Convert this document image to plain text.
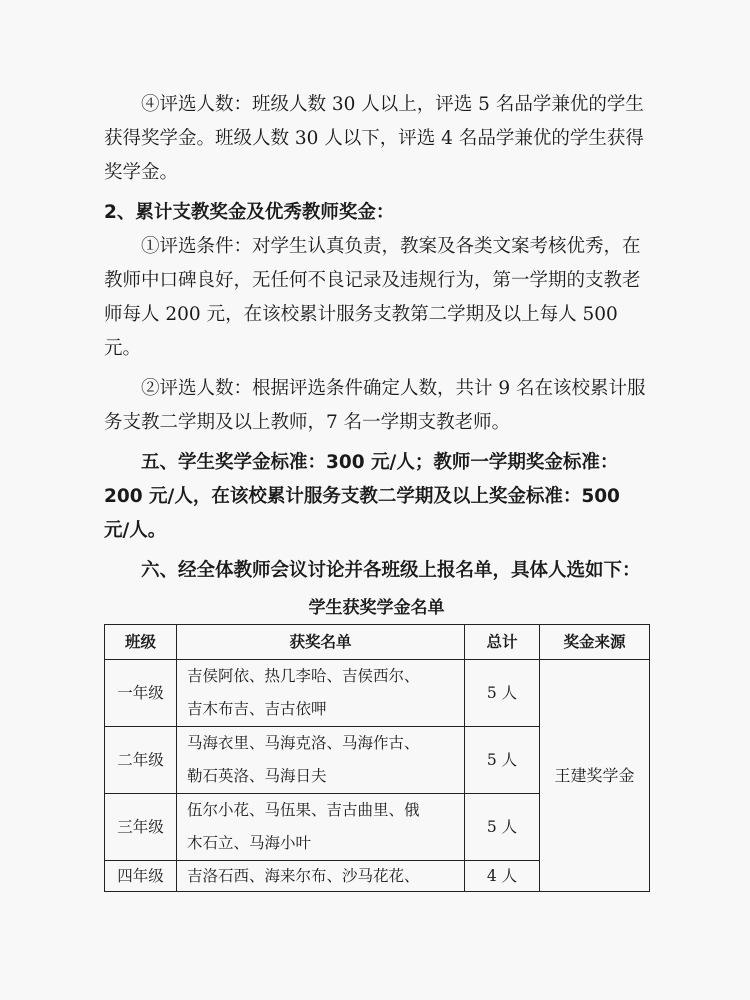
④评选人数：班级人数 30 人以上，评选 5 名品学兼优的学生获得奖学金。班级人数 30 人以下，评选 4 名品学兼优的学生获得奖学金。

2、累计支教奖金及优秀教师奖金：

①评选条件：对学生认真负责，教案及各类文案考核优秀，在教师中口碑良好，无任何不良记录及违规行为，第一学期的支教老师每人 200 元，在该校累计服务支教第二学期及以上每人 500 元。

②评选人数：根据评选条件确定人数，共计 9 名在该校累计服务支教二学期及以上教师，7 名一学期支教老师。

五、学生奖学金标准：300 元/人；教师一学期奖金标准：200 元/人，在该校累计服务支教二学期及以上奖金标准：500 元/人。

六、经全体教师会议讨论并各班级上报名单，具体人选如下：

学生获奖学金名单
班级	获奖名单	总计	奖金来源
一年级	吉侯阿依、热几李哈、吉侯西尔、
吉木布吉、吉古依呷	5 人	王建奖学金
二年级	马海衣里、马海克洛、马海作古、
勒石英洛、马海日夫	5 人	
三年级	伍尔小花、马伍果、吉古曲里、俄
木石立、马海小叶	5 人	
四年级	吉洛石西、海来尔布、沙马花花、	4 人	
